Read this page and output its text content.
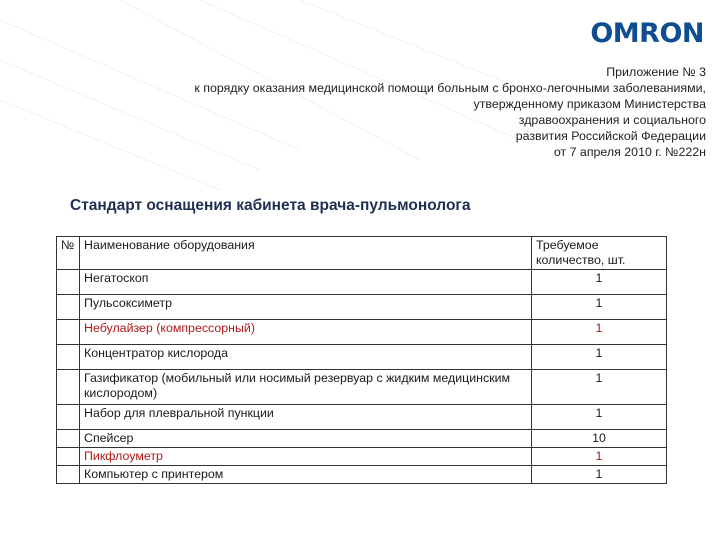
OMRON
Приложение № 3
к порядку оказания медицинской помощи больным с бронхо-легочными заболеваниями,
утвержденному приказом Министерства
здравоохранения и социального
развития Российской Федерации
от 7 апреля 2010 г. №222н
Стандарт оснащения кабинета врача-пульмонолога
№	Наименование оборудования	Требуемое количество, шт.
	Негатоскоп	1
	Пульсоксиметр	1
	Небулайзер (компрессорный)	1
	Концентратор кислорода	1
	Газификатор (мобильный или носимый резервуар с жидким медицинским кислородом)	1
	Набор для плевральной пункции	1
	Спейсер	10
	Пикфлоуметр	1
	Компьютер с принтером	1
